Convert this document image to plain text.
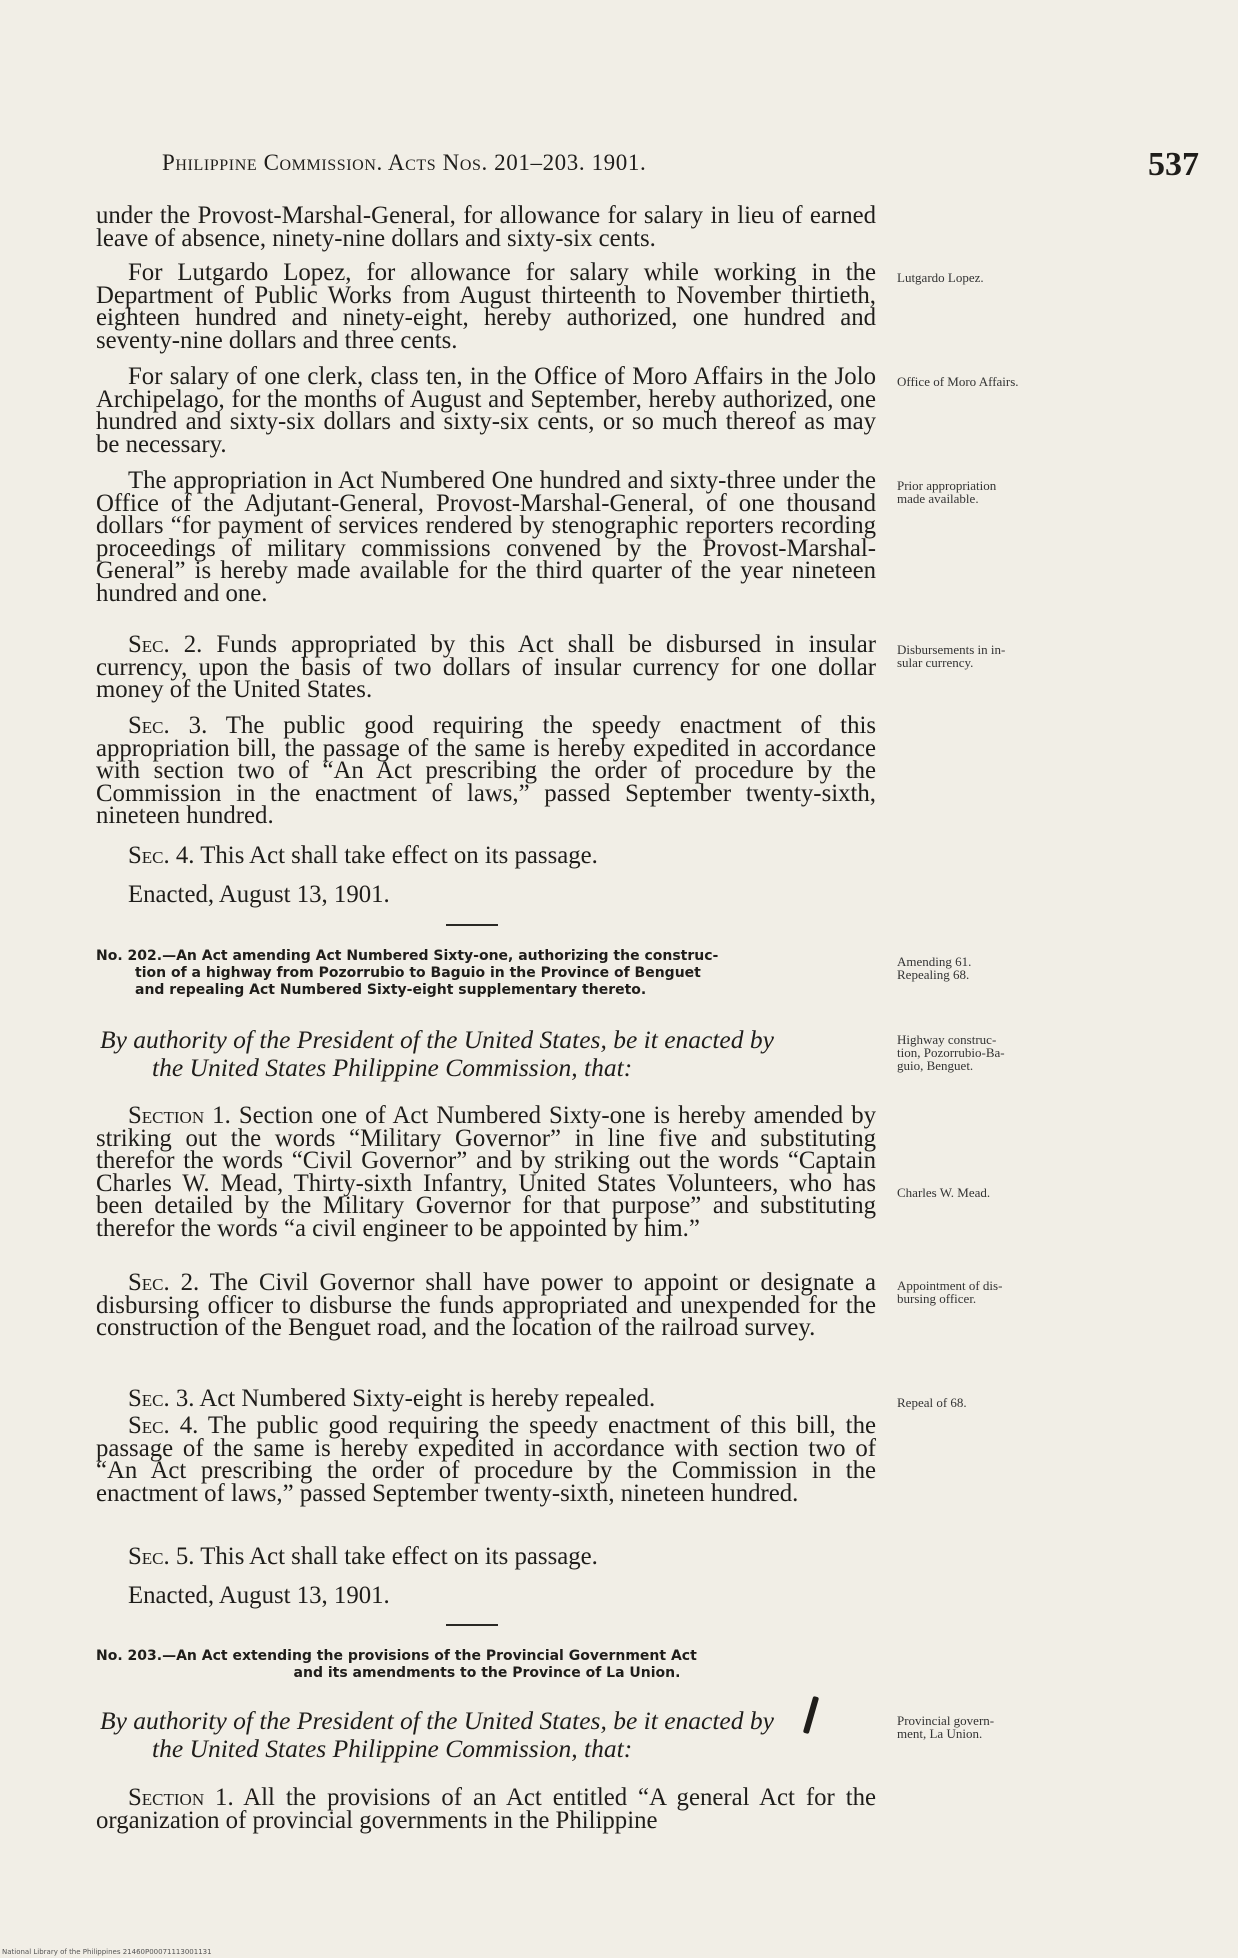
Philippine Commission. Acts Nos. 201–203. 1901.	537

under the Provost-Marshal-General, for allowance for salary in lieu of earned leave of absence, ninety-nine dollars and sixty-six cents.

For Lutgardo Lopez, for allowance for salary while working in the Department of Public Works from August thirteenth to November thirtieth, eighteen hundred and ninety-eight, hereby authorized, one hundred and seventy-nine dollars and three cents.

For salary of one clerk, class ten, in the Office of Moro Affairs in the Jolo Archipelago, for the months of August and September, hereby authorized, one hundred and sixty-six dollars and sixty-six cents, or so much thereof as may be necessary.

The appropriation in Act Numbered One hundred and sixty-three under the Office of the Adjutant-General, Provost-Marshal-General, of one thousand dollars “for payment of services rendered by stenographic reporters recording proceedings of military commissions convened by the Provost-Marshal-General” is hereby made available for the third quarter of the year nineteen hundred and one.

Sec. 2. Funds appropriated by this Act shall be disbursed in insular currency, upon the basis of two dollars of insular currency for one dollar money of the United States.

Sec. 3. The public good requiring the speedy enactment of this appropriation bill, the passage of the same is hereby expedited in accordance with section two of “An Act prescribing the order of procedure by the Commission in the enactment of laws,” passed September twenty-sixth, nineteen hundred.

Sec. 4. This Act shall take effect on its passage.

Enacted, August 13, 1901.

No. 202.—An Act amending Act Numbered Sixty-one, authorizing the construc-
tion of a highway from Pozorrubio to Baguio in the Province of Benguet
and repealing Act Numbered Sixty-eight supplementary thereto.
By authority of the President of the United States, be it enacted by
the United States Philippine Commission, that:

Section 1. Section one of Act Numbered Sixty-one is hereby amended by striking out the words “Military Governor” in line five and substituting therefor the words “Civil Governor” and by striking out the words “Captain Charles W. Mead, Thirty-sixth Infantry, United States Volunteers, who has been detailed by the Military Governor for that purpose” and substituting therefor the words “a civil engineer to be appointed by him.”

Sec. 2. The Civil Governor shall have power to appoint or designate a disbursing officer to disburse the funds appropriated and unexpended for the construction of the Benguet road, and the location of the railroad survey.

Sec. 3. Act Numbered Sixty-eight is hereby repealed.

Sec. 4. The public good requiring the speedy enactment of this bill, the passage of the same is hereby expedited in accordance with section two of “An Act prescribing the order of procedure by the Commission in the enactment of laws,” passed September twenty-sixth, nineteen hundred.

Sec. 5. This Act shall take effect on its passage.

Enacted, August 13, 1901.

No. 203.—An Act extending the provisions of the Provincial Government Act
and its amendments to the Province of La Union.
By authority of the President of the United States, be it enacted by
the United States Philippine Commission, that:

Section 1. All the provisions of an Act entitled “A general Act for the organization of provincial governments in the Philippine

Lutgardo Lopez.
Office of Moro Affairs.
Prior appropriation
made available.
Disbursements in in-
sular currency.
Amending 61.
Repealing 68.
Highway construc-
tion, Pozorrubio-Ba-
guio, Benguet.
Charles W. Mead.
Appointment of dis-
bursing officer.
Repeal of 68.
Provincial govern-
ment, La Union.
National Library of the Philippines 21460P00071113001131
